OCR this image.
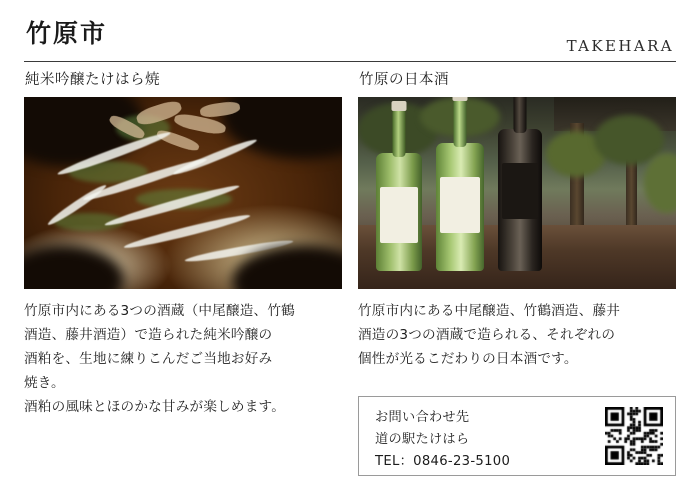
竹原市	TAKEHARA
純米吟醸たけはら焼

竹原市内にある3つの酒蔵（中尾醸造、竹鶴

酒造、藤井酒造）で造られた純米吟醸の

酒粕を、生地に練りこんだご当地お好み

焼き。

酒粕の風味とほのかな甘みが楽しめます。

竹原の日本酒

竹原市内にある中尾醸造、竹鶴酒造、藤井

酒造の3つの酒蔵で造られる、それぞれの

個性が光るこだわりの日本酒です。

お問い合わせ先

道の駅たけはら

TEL：0846-23-5100
